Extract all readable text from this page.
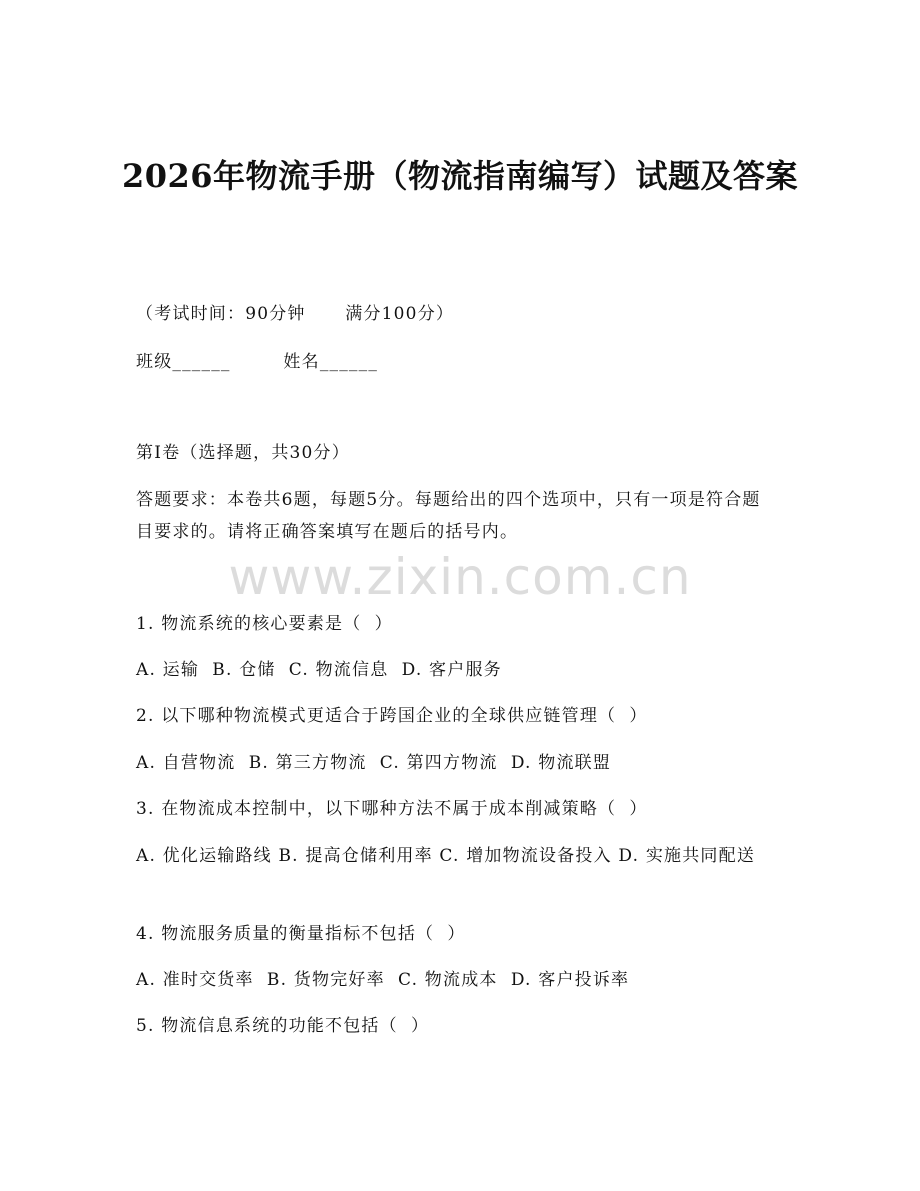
2026年物流手册（物流指南编写）试题及答案
（考试时间：90分钟      满分100分）
班级______        姓名______
第I卷（选择题，共30分）
答题要求：本卷共6题，每题5分。每题给出的四个选项中，只有一项是符合题目要求的。请将正确答案填写在题后的括号内。
www.zixin.com.cn
1. 物流系统的核心要素是（  ）
A. 运输  B. 仓储  C. 物流信息  D. 客户服务
2. 以下哪种物流模式更适合于跨国企业的全球供应链管理（  ）
A. 自营物流  B. 第三方物流  C. 第四方物流  D. 物流联盟
3. 在物流成本控制中，以下哪种方法不属于成本削减策略（  ）
A. 优化运输路线 B. 提高仓储利用率 C. 增加物流设备投入 D. 实施共同配送
4. 物流服务质量的衡量指标不包括（  ）
A. 准时交货率  B. 货物完好率  C. 物流成本  D. 客户投诉率
5. 物流信息系统的功能不包括（  ）
